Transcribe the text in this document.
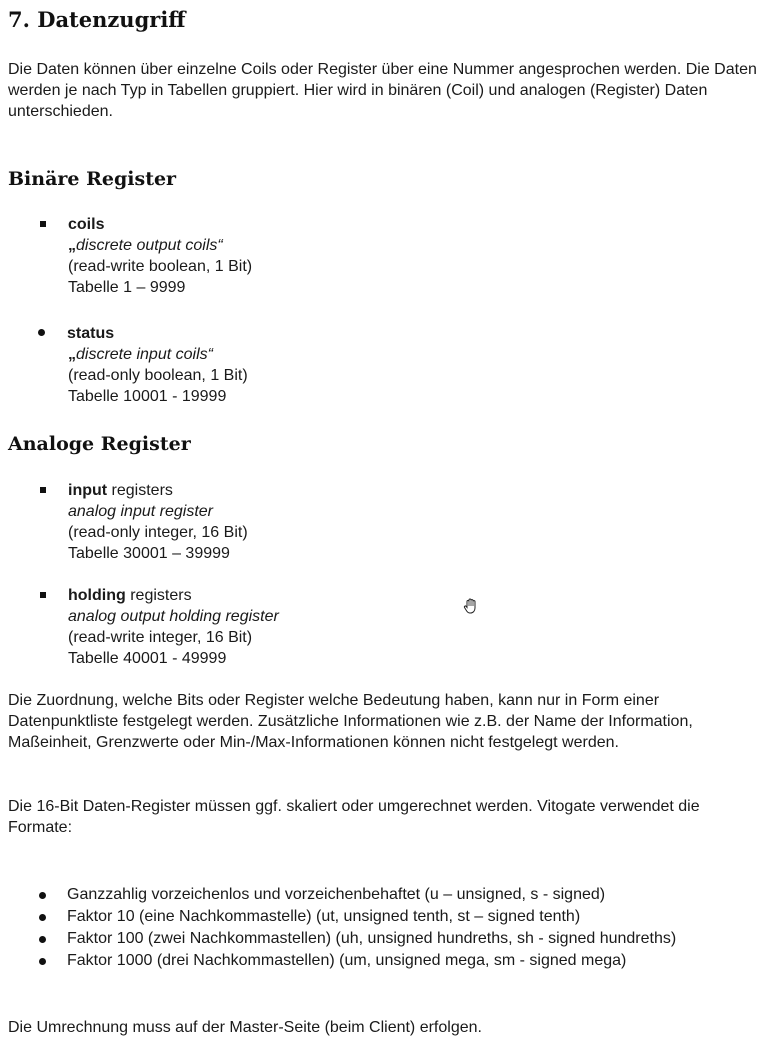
7. Datenzugriff

Die Daten können über einzelne Coils oder Register über eine Nummer angesprochen werden. Die Daten werden je nach Typ in Tabellen gruppiert. Hier wird in binären (Coil) und analogen (Register) Daten unterschieden.

Binäre Register
coils
„discrete output coils“
(read-write boolean, 1 Bit)
Tabelle 1 – 9999
status
„discrete input coils“
(read-only boolean, 1 Bit)
Tabelle 10001 - 19999
Analoge Register
input registers
analog input register
(read-only integer, 16 Bit)
Tabelle 30001 – 39999
holding registers
analog output holding register
(read-write integer, 16 Bit)
Tabelle 40001 - 49999

Die Zuordnung, welche Bits oder Register welche Bedeutung haben, kann nur in Form einer Datenpunktliste festgelegt werden. Zusätzliche Informationen wie z.B. der Name der Information, Maßeinheit, Grenzwerte oder Min-/Max-Informationen können nicht festgelegt werden.

Die 16-Bit Daten-Register müssen ggf. skaliert oder umgerechnet werden. Vitogate verwendet die Formate:

Ganzzahlig vorzeichenlos und vorzeichenbehaftet (u – unsigned, s - signed)
Faktor 10 (eine Nachkommastelle) (ut, unsigned tenth, st – signed tenth)
Faktor 100 (zwei Nachkommastellen) (uh, unsigned hundreths, sh - signed hundreths)
Faktor 1000 (drei Nachkommastellen) (um, unsigned mega, sm - signed mega)

Die Umrechnung muss auf der Master-Seite (beim Client) erfolgen.
